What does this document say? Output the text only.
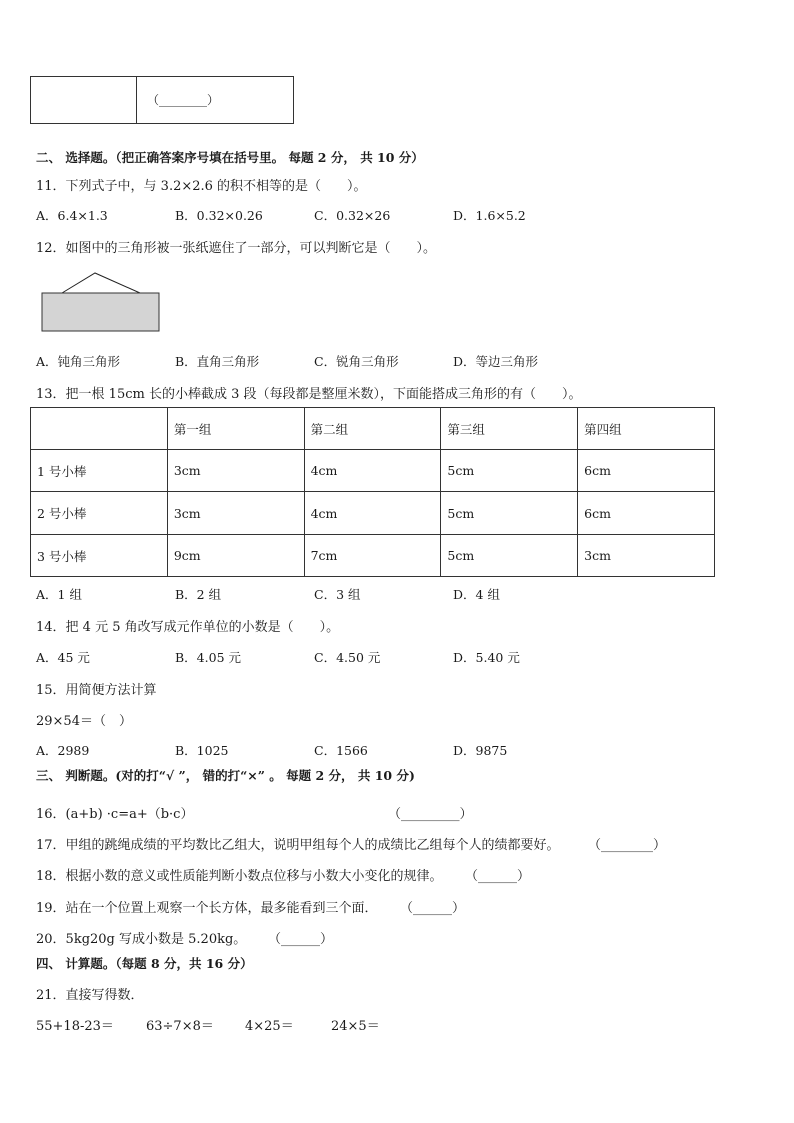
（________）
二、 选择题。（把正确答案序号填在括号里。 每题 2 分， 共 10 分）
11．下列式子中，与 3.2×2.6 的积不相等的是（　　）。
A．6.4×1.3	B．0.32×0.26	C．0.32×26	D．1.6×5.2
12．如图中的三角形被一张纸遮住了一部分，可以判断它是（　　）。
A．钝角三角形	B．直角三角形	C．锐角三角形	D．等边三角形
13．把一根 15cm 长的小棒截成 3 段（每段都是整厘米数），下面能搭成三角形的有（　　）。
	第一组	第二组	第三组	第四组
1 号小棒	3cm	4cm	5cm	6cm
2 号小棒	3cm	4cm	5cm	6cm
3 号小棒	9cm	7cm	5cm	3cm
A．1 组	B．2 组	C．3 组	D．4 组
14．把 4 元 5 角改写成元作单位的小数是（　　）。
A．45 元	B．4.05 元	C．4.50 元	D．5.40 元
15．用简便方法计算
29×54＝（　）
A．2989	B．1025	C．1566	D．9875
三、 判断题。(对的打“√ ”， 错的打“×” 。 每题 2 分， 共 10 分)
16．(a+b) ·c=a+（b·c）	（_________）
17．甲组的跳绳成绩的平均数比乙组大，说明甲组每个人的成绩比乙组每个人的绩都要好。 （________）
18．根据小数的意义或性质能判断小数点位移与小数大小变化的规律。 （______）
19．站在一个位置上观察一个长方体，最多能看到三个面． （______）
20．5kg20g 写成小数是 5.20kg。 （______）
四、 计算题。（每题 8 分，共 16 分）
21．直接写得数．
55+18-23＝ 63÷7×8＝ 4×25＝	24×5＝
